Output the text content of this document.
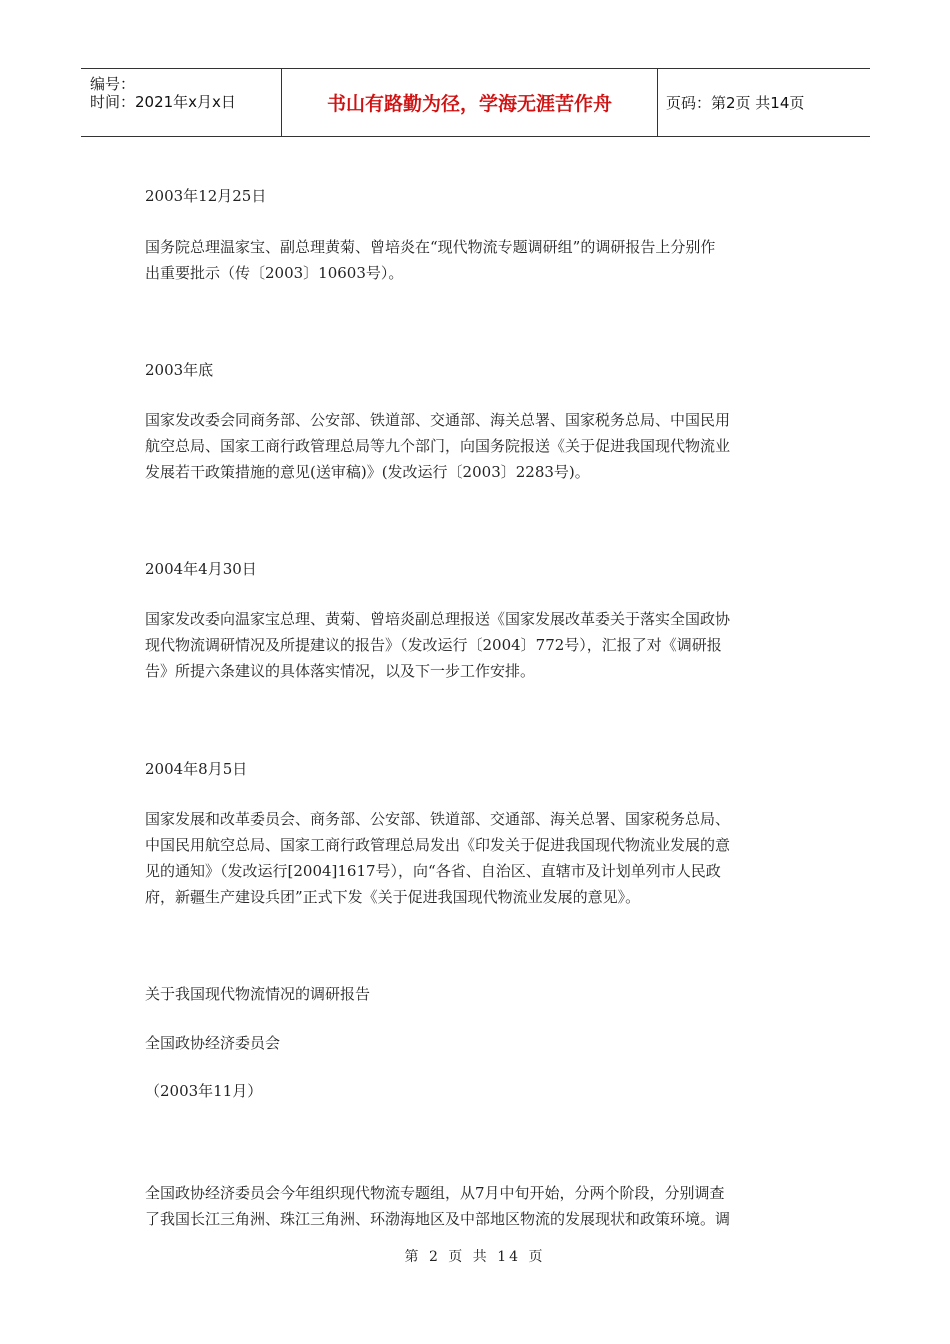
编号：
时间：2021年x月x日	书山有路勤为径，学海无涯苦作舟	页码：第2页 共14页

2003年12月25日

国务院总理温家宝、副总理黄菊、曾培炎在“现代物流专题调研组”的调研报告上分别作
出重要批示（传〔2003〕10603号）。

2003年底

国家发改委会同商务部、公安部、铁道部、交通部、海关总署、国家税务总局、中国民用
航空总局、国家工商行政管理总局等九个部门，向国务院报送《关于促进我国现代物流业
发展若干政策措施的意见(送审稿)》(发改运行〔2003〕2283号)。

2004年4月30日

国家发改委向温家宝总理、黄菊、曾培炎副总理报送《国家发展改革委关于落实全国政协
现代物流调研情况及所提建议的报告》（发改运行〔2004〕772号），汇报了对《调研报
告》所提六条建议的具体落实情况，以及下一步工作安排。

2004年8月5日

国家发展和改革委员会、商务部、公安部、铁道部、交通部、海关总署、国家税务总局、
中国民用航空总局、国家工商行政管理总局发出《印发关于促进我国现代物流业发展的意
见的通知》（发改运行[2004]1617号），向“各省、自治区、直辖市及计划单列市人民政
府，新疆生产建设兵团”正式下发《关于促进我国现代物流业发展的意见》。

关于我国现代物流情况的调研报告

全国政协经济委员会

（2003年11月）

全国政协经济委员会今年组织现代物流专题组，从7月中旬开始，分两个阶段，分别调查
了我国长江三角洲、珠江三角洲、环渤海地区及中部地区物流的发展现状和政策环境。调

第 2 页 共 14 页
